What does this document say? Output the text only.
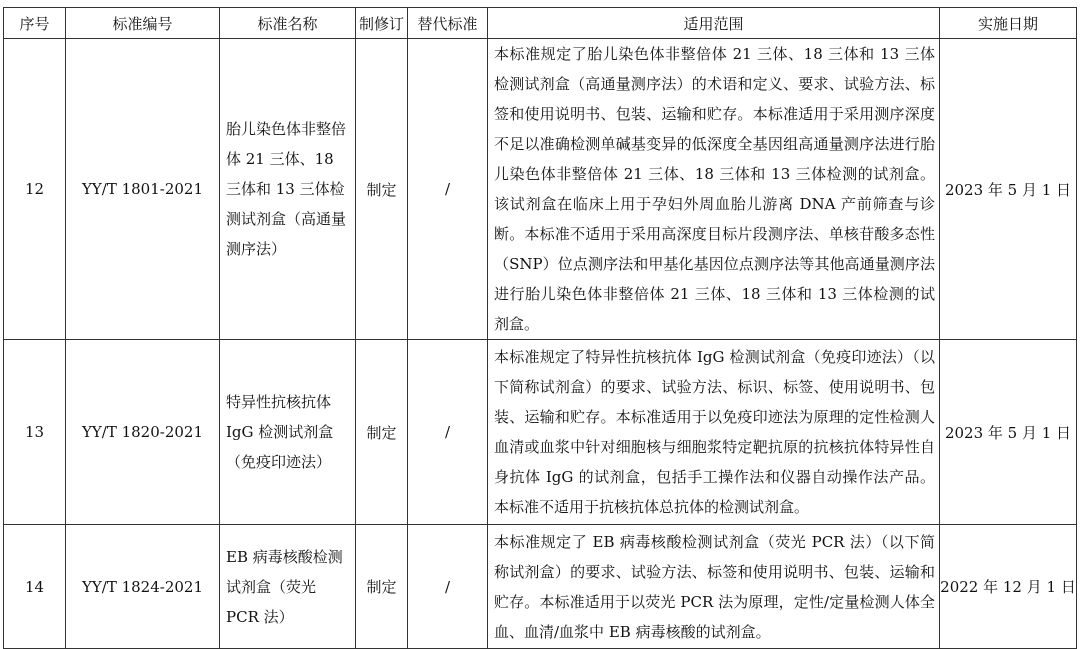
序号	标准编号	标准名称	制修订	替代标准	适用范围	实施日期
12	YY/T 1801-2021	胎儿染色体非整倍体 21 三体、18 三体和 13 三体检测试剂盒（高通量测序法）	制定	/	本标准规定了胎儿染色体非整倍体 21 三体、18 三体和 13 三体检测试剂盒（高通量测序法）的术语和定义、要求、试验方法、标签和使用说明书、包装、运输和贮存。本标准适用于采用测序深度不足以准确检测单碱基变异的低深度全基因组高通量测序法进行胎儿染色体非整倍体 21 三体、18 三体和 13 三体检测的试剂盒。该试剂盒在临床上用于孕妇外周血胎儿游离 DNA 产前筛查与诊断。本标准不适用于采用高深度目标片段测序法、单核苷酸多态性（SNP）位点测序法和甲基化基因位点测序法等其他高通量测序法进行胎儿染色体非整倍体 21 三体、18 三体和 13 三体检测的试剂盒。	2023 年 5 月 1 日
13	YY/T 1820-2021	特异性抗核抗体 IgG 检测试剂盒（免疫印迹法）	制定	/	本标准规定了特异性抗核抗体 IgG 检测试剂盒（免疫印迹法）（以下简称试剂盒）的要求、试验方法、标识、标签、使用说明书、包装、运输和贮存。本标准适用于以免疫印迹法为原理的定性检测人血清或血浆中针对细胞核与细胞浆特定靶抗原的抗核抗体特异性自身抗体 IgG 的试剂盒，包括手工操作法和仪器自动操作法产品。本标准不适用于抗核抗体总抗体的检测试剂盒。	2023 年 5 月 1 日
14	YY/T 1824-2021	EB 病毒核酸检测试剂盒（荧光 PCR 法）	制定	/	本标准规定了 EB 病毒核酸检测试剂盒（荧光 PCR 法）（以下简称试剂盒）的要求、试验方法、标签和使用说明书、包装、运输和贮存。本标准适用于以荧光 PCR 法为原理，定性/定量检测人体全血、血清/血浆中 EB 病毒核酸的试剂盒。	2022 年 12 月 1 日
